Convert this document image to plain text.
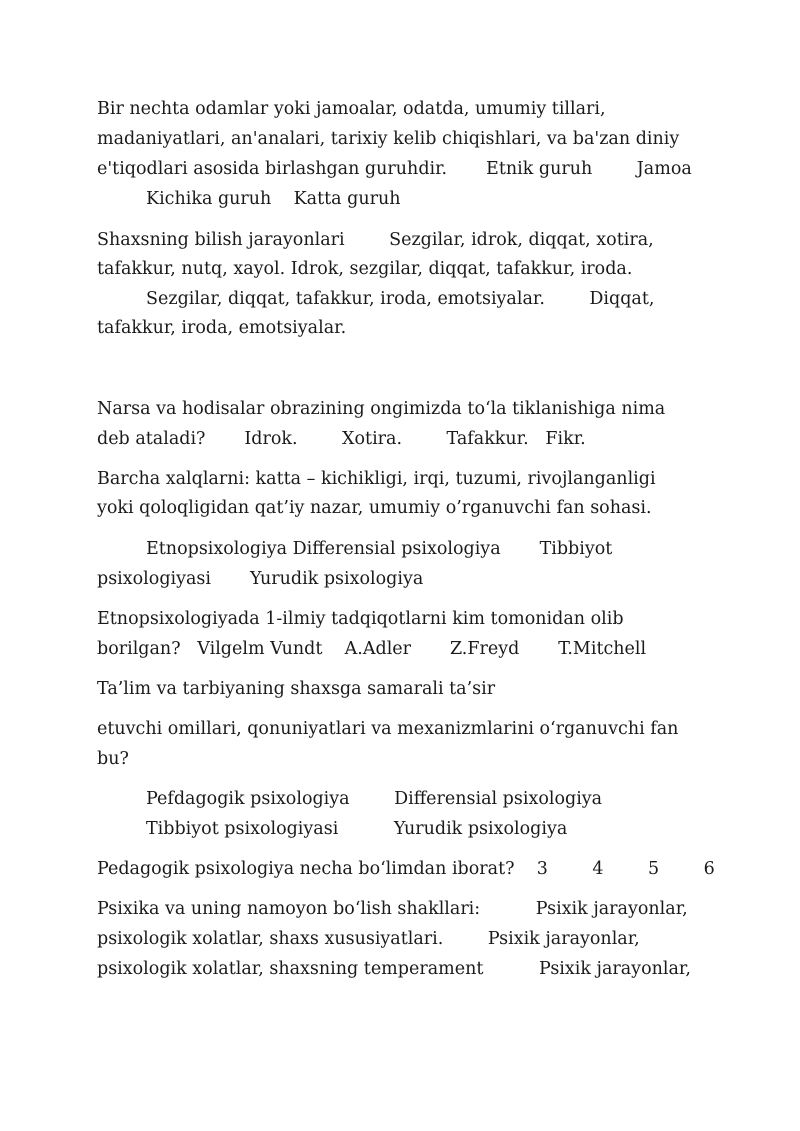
Bir nechta odamlar yoki jamoalar, odatda, umumiy tillari,
madaniyatlari, an'analari, tarixiy kelib chiqishlari, va ba'zan diniy
e'tiqodlari asosida birlashgan guruhdir.       Etnik guruh        Jamoa
Kichika guruh    Katta guruh
Shaxsning bilish jarayonlari        Sezgilar, idrok, diqqat, xotira,
tafakkur, nutq, xayol. Idrok, sezgilar, diqqat, tafakkur, iroda.
Sezgilar, diqqat, tafakkur, iroda, emotsiyalar.        Diqqat,
tafakkur, iroda, emotsiyalar.
Narsa va hodisalar obrazining ongimizda to‘la tiklanishiga nima
deb ataladi?       Idrok.        Xotira.        Tafakkur.   Fikr.
Barcha xalqlarni: katta – kichikligi, irqi, tuzumi, rivojlanganligi
yoki qoloqligidan qat’iy nazar, umumiy o’rganuvchi fan sohasi.
Etnopsixologiya Differensial psixologiya       Tibbiyot
psixologiyasi       Yurudik psixologiya
Etnopsixologiyada 1-ilmiy tadqiqotlarni kim tomonidan olib
borilgan?   Vilgelm Vundt    A.Adler       Z.Freyd       T.Mitchell
Ta’lim va tarbiyaning shaxsga samarali ta’sir
etuvchi omillari, qonuniyatlari va mexanizmlarini o‘rganuvchi fan
bu?
Pefdagogik psixologiya        Differensial psixologiya
Tibbiyot psixologiyasi          Yurudik psixologiya
Pedagogik psixologiya necha bo‘limdan iborat?    3        4        5        6
Psixika va uning namoyon bo‘lish shakllari:          Psixik jarayonlar,
psixologik xolatlar, shaxs xususiyatlari.        Psixik jarayonlar,
psixologik xolatlar, shaxsning temperament          Psixik jarayonlar,
